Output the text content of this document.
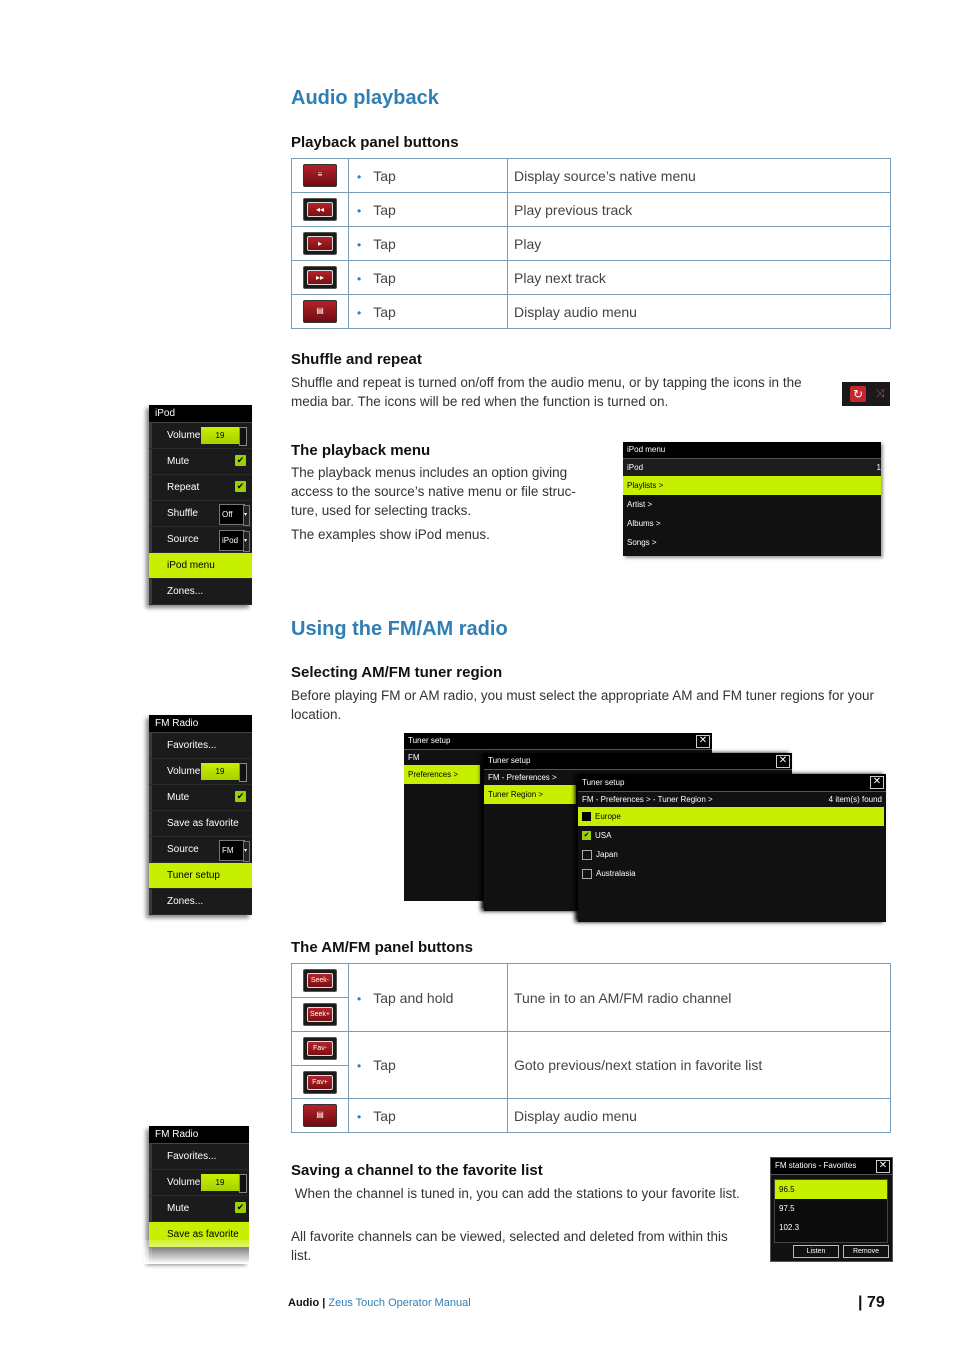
Audio playback
Playback panel buttons
≡	• Tap	Display source’s native menu

◂◂	• Tap	Play previous track

▸	• Tap	Play

▸▸	• Tap	Play next track

▤	• Tap	Display audio menu
Shuffle and repeat
Shuffle and repeat is turned on/off from the audio menu, or by tapping the icons in the media bar. The icons will be red when the function is turned on.	↻	⤨
iPod
Volume	19
Mute	✔
Repeat	✔
Shuffle	Off ▾
Source	iPod ▾
iPod menu
Zones...
The playback menu
The playback menus includes an option giving access to the source’s native menu or file struc-ture, used for selecting tracks.
The examples show iPod menus.
iPod menu
iPod	1
Playlists >
Artist >
Albums >
Songs >
Using the FM/AM radio
Selecting AM/FM tuner region
Before playing FM or AM radio, you must select the appropriate AM and FM tuner regions for your location.
FM Radio
Favorites...
Volume	19
Mute	✔
Save as favorite
Source	FM ▾
Tuner setup
Zones...
Tuner setup	✕
FM
Preferences >
Tuner setup	✕
FM - Preferences >
Tuner Region >
Tuner setup	✕
FM - Preferences > - Tuner Region >	4 item(s) found
Europe
✔ USA
Japan
Australasia
The AM/FM panel buttons
Seek-	• Tap and hold	Tune in to an AM/FM radio channel

Seek+		

Fav-	• Tap	Goto previous/next station in favorite list

Fav+		

▤	• Tap	Display audio menu
FM Radio
Favorites...
Volume	19
Mute	✔
Save as favorite
Saving a channel to the favorite list
When the channel is tuned in, you can add the stations to your favorite list.
All favorite channels can be viewed, selected and deleted from within this list.
FM stations - Favorites	✕
96.5
97.5
102.3
Listen	Remove
Audio | Zeus Touch Operator Manual	| 79
